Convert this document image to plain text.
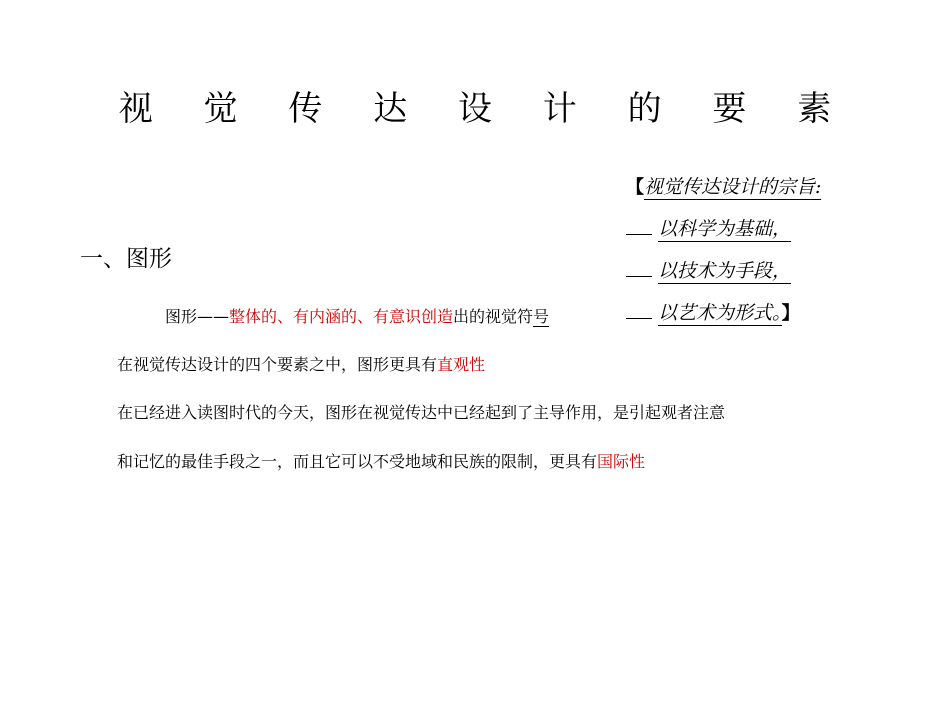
视 觉 传 达 设 计 的 要 素
【视觉传达设计的宗旨:
以科学为基础，
以技术为手段，
以艺术为形式。】
一、图形
图形——整体的、有内涵的、有意识创造出的视觉符号
在视觉传达设计的四个要素之中，图形更具有直观性
在已经进入读图时代的今天，图形在视觉传达中已经起到了主导作用，是引起观者注意
和记忆的最佳手段之一，而且它可以不受地域和民族的限制，更具有国际性
